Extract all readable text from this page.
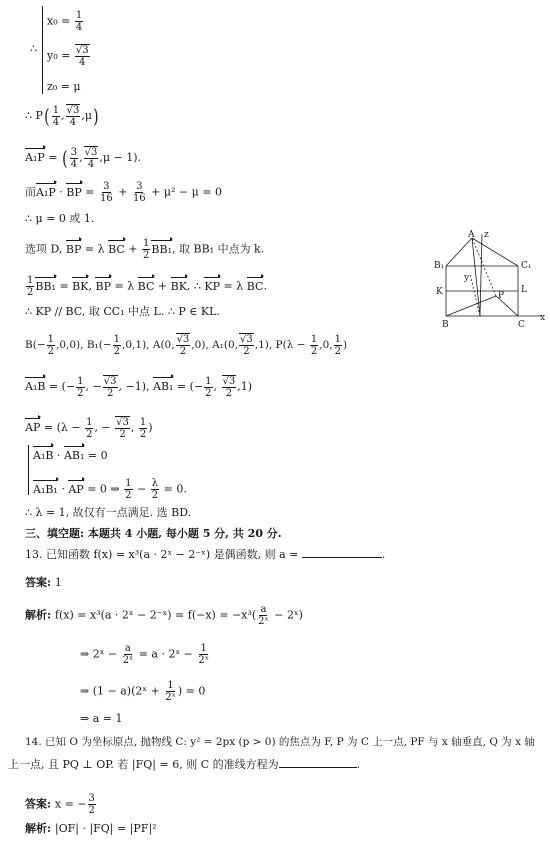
∴
$x_0 = \frac{1}{4}$
$y_0 = \frac{√3}{4}$
z₀ = μ
∴ $P( \frac{1}{4}$ , $\frac{√3}{4} ,\mu$)
A₁P = ( $\frac{3}{4}$ , $\frac{√3}{4} ,\mu - 1$).
而A₁P · BP = $\frac{3}{16} + \frac{3}{16} + \mu^2 - \mu = 0$
∴ μ = 0 或 1.
选项 D, BP = λ BC + $\frac{1}{2} BB_1$, 取 BB₁ 中点为 k.
$\frac{1}{2} BB_1$ = BK, BP = λ BC + BK, ∴ KP = λ BC.
∴ KP // BC, 取 CC₁ 中点 L. ∴ P ∈ KL.
$B(- \frac{1}{2} ,0,0)$, $B_1(- \frac{1}{2} ,0,1)$, A(0, $\frac{√3}{2} ,0$), A₁(0, $\frac{√3}{2} ,1$), $P(\lambda - \frac{1}{2} ,0$, $\frac{1}{2}$ )
A₁B = (− $\frac{1}{2}$ , − $\frac{√3}{2}$ , −1), AB₁ = (− $\frac{1}{2}$ , $\frac{√3}{2} ,1$)
AP = ($\lambda - \frac{1}{2}$ , − $\frac{√3}{2}$ , $\frac{1}{2}$ )
A₁B · AB₁ = 0
A₁B₁ · AP = 0 ⇒ $\frac{1}{2} - \frac{\lambda}{2} = 0$.
∴ λ = 1, 故仅有一点满足. 选 BD.
三、填空题: 本题共 4 小题, 每小题 5 分, 共 20 分.
13. 已知函数 f(x) = x³(a · 2ˣ − 2⁻ˣ) 是偶函数, 则 a =	.
答案: 1
解析: f(x) = x³(a · 2ˣ − 2⁻ˣ) = $f(-x) = -x^3( \frac{a}{\text{2ˣ}}$ − 2ˣ)
⇒ 2ˣ − $\frac{a}{\text{2ˣ}} = a$ · 2ˣ − $\frac{1}{\text{2ˣ}}$
⇒ (1 − a)(2ˣ + $\frac{1}{\text{2ˣ}}$ ) = 0
⇒ a = 1
14. 已知 O 为坐标原点, 抛物线 C: y² = 2px (p > 0) 的焦点为 F, P 为 C 上一点, PF 与 x 轴垂直, Q 为 x 轴
上一点, 且 PQ ⊥ OP. 若 |FQ| = 6, 则 C 的准线方程为	.
答案: x = − $\frac{3}{2}$
解析: |OF| · |FQ| = |PF|²
A z
B₁	C₁
K	L
P
y
B	C
x
